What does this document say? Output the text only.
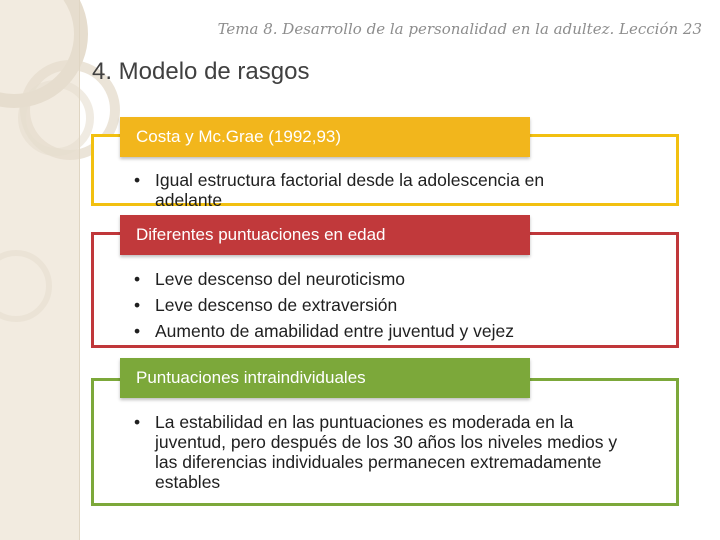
Tema 8. Desarrollo de la personalidad en la adultez. Lección 23
4. Modelo de rasgos
Costa y Mc.Grae (1992,93)
• Igual estructura factorial desde la adolescencia en adelante
Diferentes puntuaciones en edad
• Leve descenso del neuroticismo
• Leve descenso de extraversión
• Aumento de amabilidad entre juventud y vejez
Puntuaciones intraindividuales
• La estabilidad en las puntuaciones es moderada en la juventud, pero después de los 30 años los niveles medios y las diferencias individuales permanecen extremadamente estables
